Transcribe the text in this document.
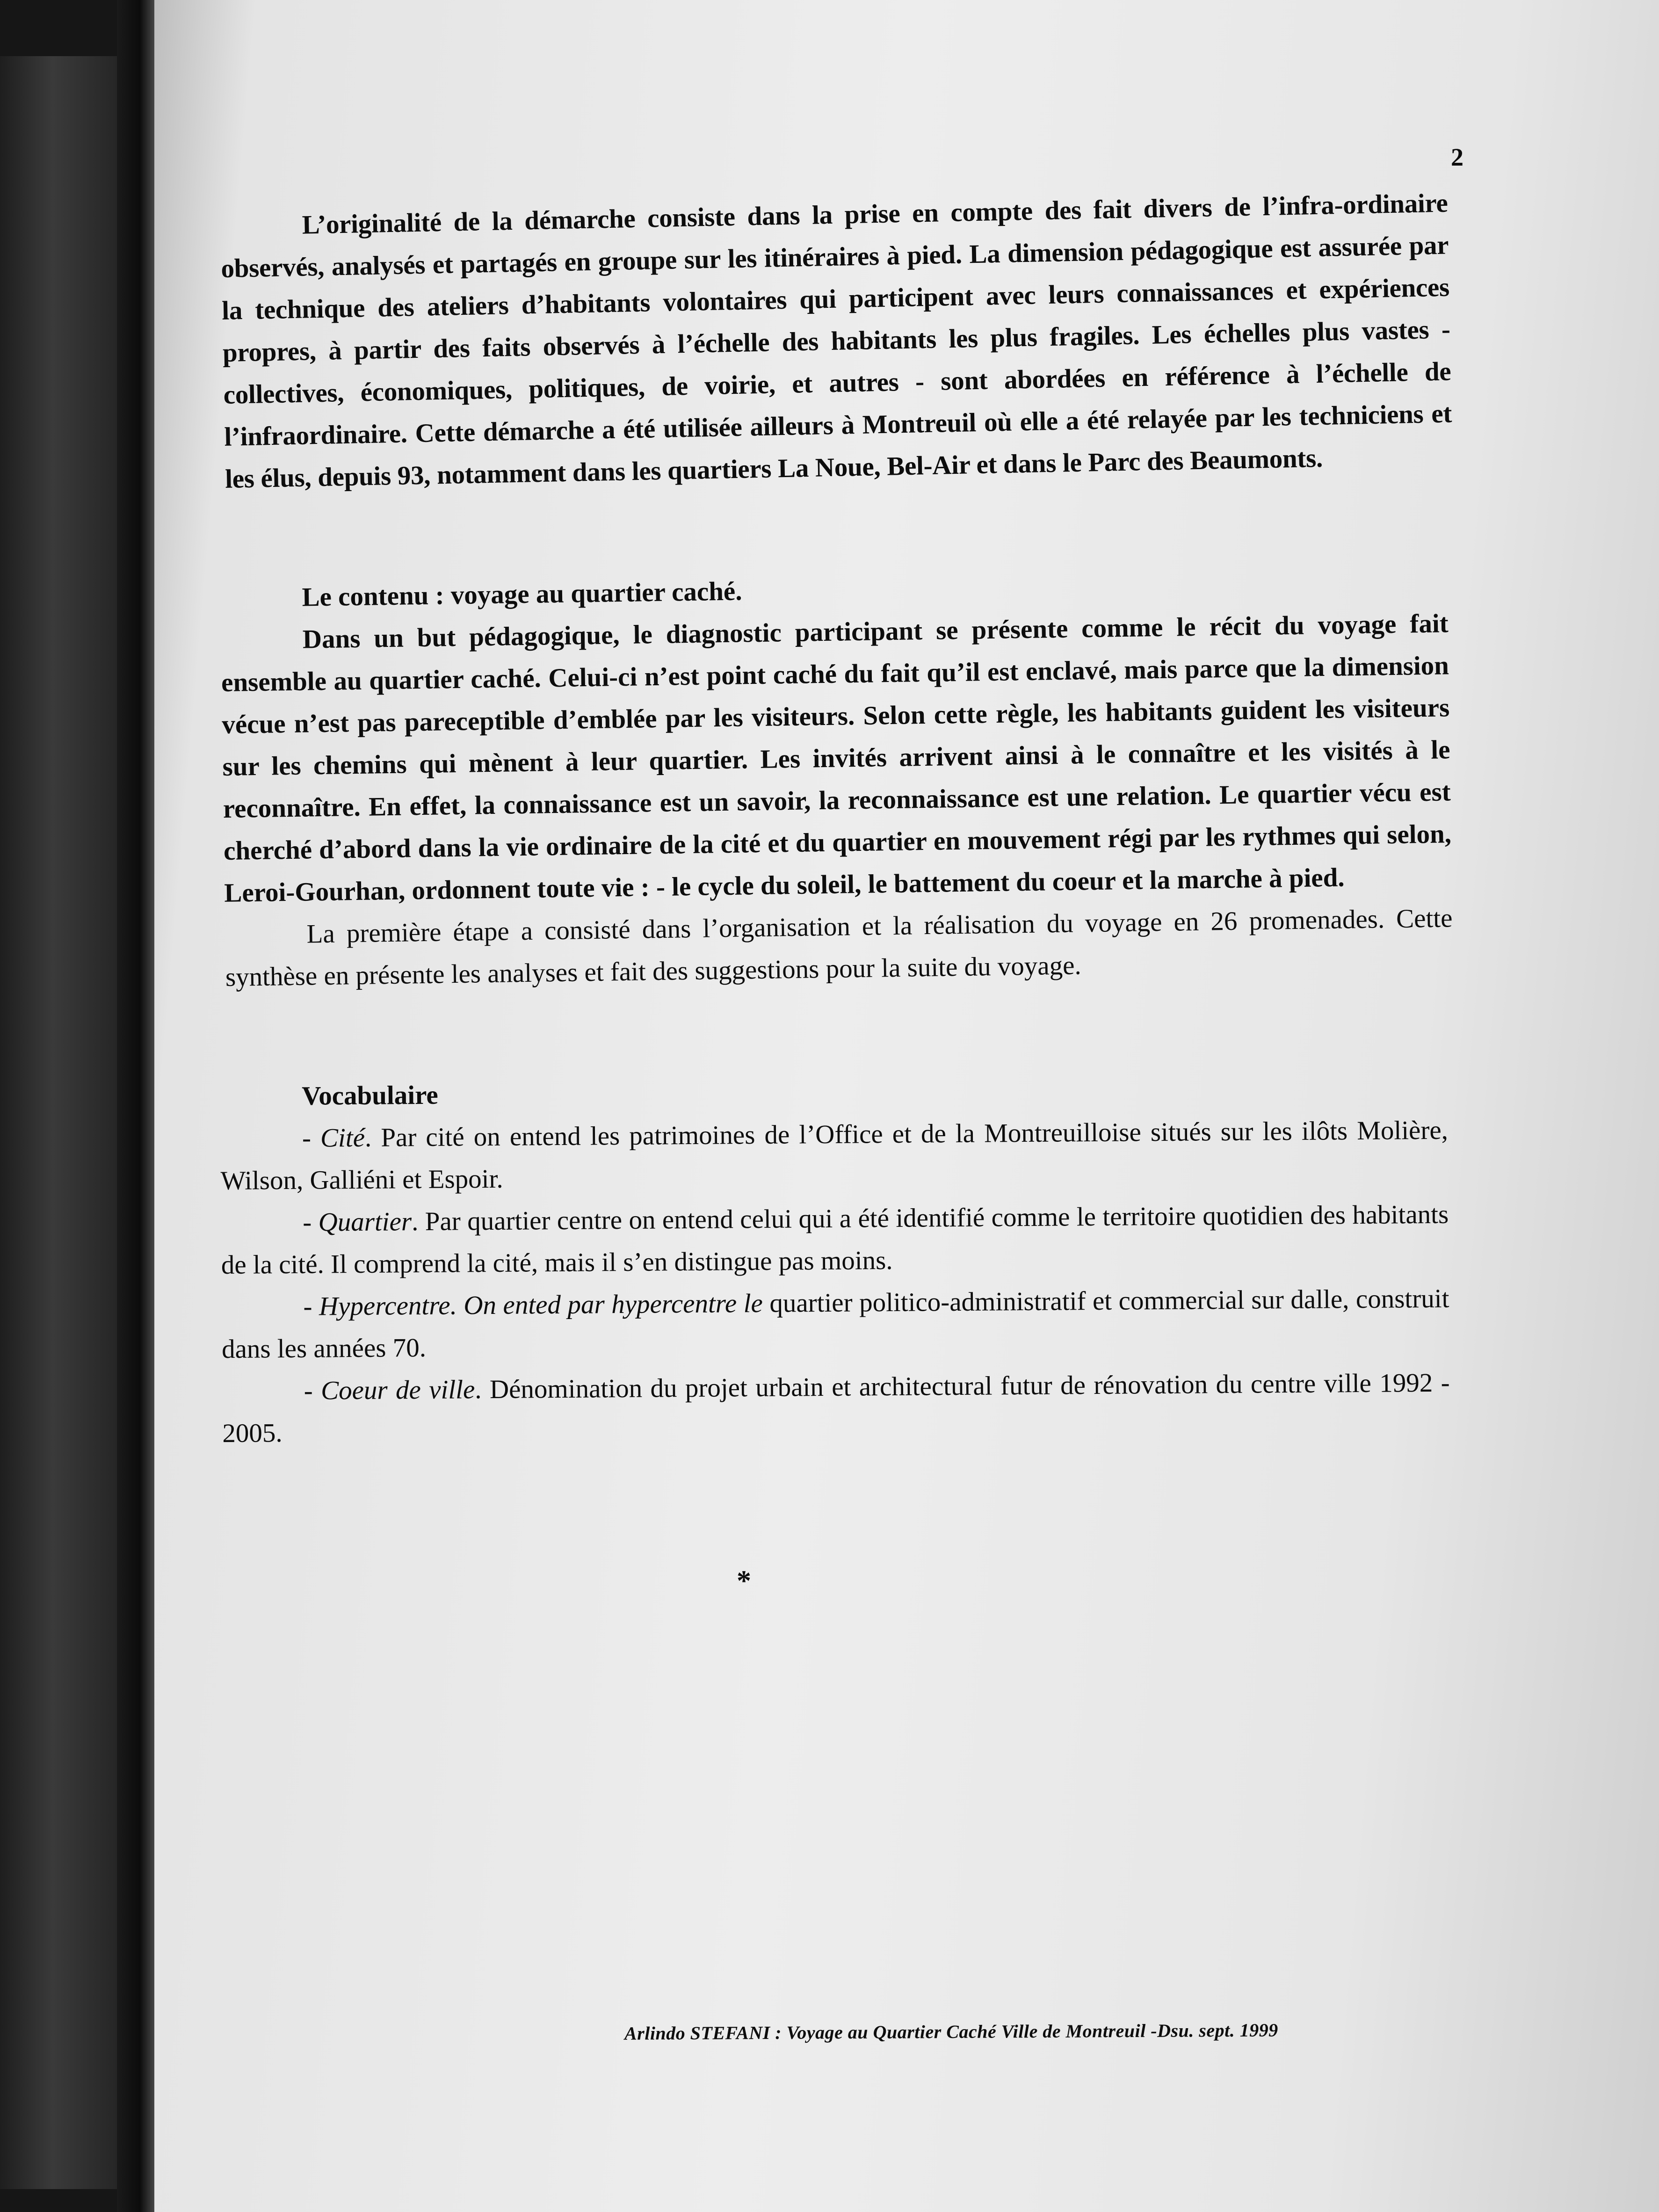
2

L’originalité de la démarche consiste dans la prise en compte des fait divers de l’infra-ordinaire observés, analysés et partagés en groupe sur les itinéraires à pied. La dimension pédagogique est assurée par la technique des ateliers d’habitants volontaires qui participent avec leurs connaissances et expériences propres, à partir des faits observés à l’échelle des habitants les plus fragiles. Les échelles plus vastes - collectives, économiques, politiques, de voirie, et autres - sont abordées en référence à l’échelle de l’infraordinaire. Cette démarche a été utilisée ailleurs à Montreuil où elle a été relayée par les techniciens et les élus, depuis 93, notamment dans les quartiers La Noue, Bel-Air et dans le Parc des Beaumonts.

Le contenu : voyage au quartier caché.

Dans un but pédagogique, le diagnostic participant se présente comme le récit du voyage fait ensemble au quartier caché. Celui-ci n’est point caché du fait qu’il est enclavé, mais parce que la dimension vécue n’est pas pareceptible d’emblée par les visiteurs. Selon cette règle, les habitants guident les visiteurs sur les chemins qui mènent à leur quartier. Les invités arrivent ainsi à le connaître et les visités à le reconnaître. En effet, la connaissance est un savoir, la reconnaissance est une relation. Le quartier vécu est cherché d’abord dans la vie ordinaire de la cité et du quartier en mouvement régi par les rythmes qui selon, Leroi-Gourhan, ordonnent toute vie : - le cycle du soleil, le battement du coeur et la marche à pied.

La première étape a consisté dans l’organisation et la réalisation du voyage en 26 promenades. Cette synthèse en présente les analyses et fait des suggestions pour la suite du voyage.

Vocabulaire

- Cité. Par cité on entend les patrimoines de l’Office et de la Montreuilloise situés sur les ilôts Molière, Wilson, Galliéni et Espoir.

- Quartier. Par quartier centre on entend celui qui a été identifié comme le territoire quotidien des habitants de la cité. Il comprend la cité, mais il s’en distingue pas moins.

- Hypercentre. On ented par hypercentre le quartier politico-administratif et commercial sur dalle, construit dans les années 70.

- Coeur de ville. Dénomination du projet urbain et architectural futur de rénovation du centre ville 1992 - 2005.

*
Arlindo STEFANI : Voyage au Quartier Caché Ville de Montreuil -Dsu. sept. 1999
